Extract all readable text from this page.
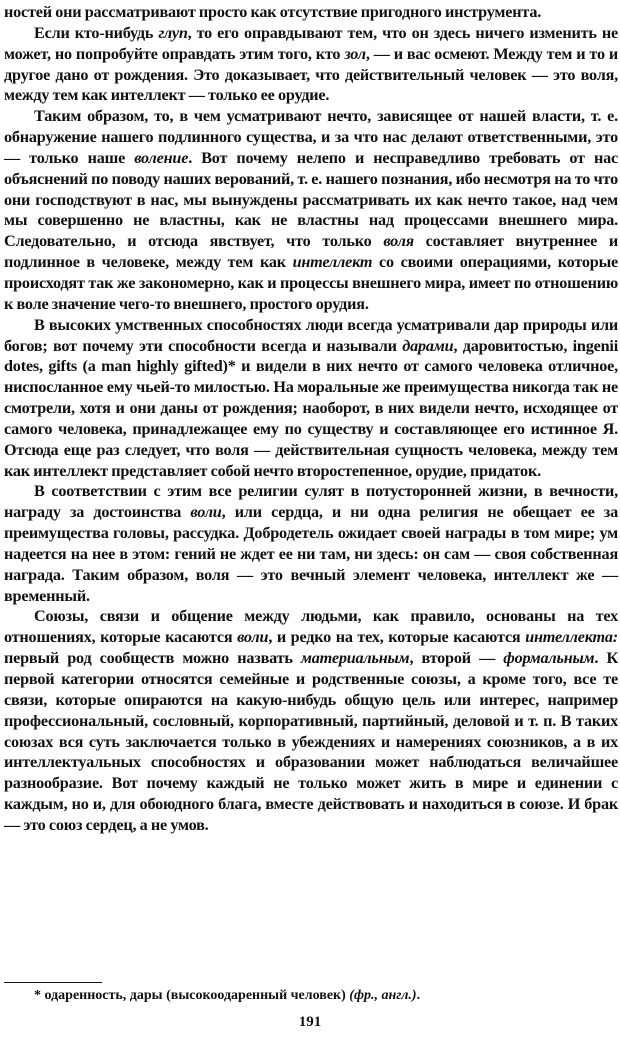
ностей они рассматривают просто как отсутствие пригодного инструмента.

Если кто-нибудь глуп, то его оправдывают тем, что он здесь ничего изменить не может, но попробуйте оправдать этим того, кто зол, — и вас осмеют. Между тем и то и другое дано от рождения. Это доказывает, что действительный человек — это воля, между тем как интеллект — только ее орудие.

Таким образом, то, в чем усматривают нечто, зависящее от нашей власти, т. е. обнаружение нашего подлинного существа, и за что нас делают ответственными, это — только наше воление. Вот почему нелепо и несправедливо требовать от нас объяснений по поводу наших верований, т. е. нашего познания, ибо несмотря на то что они господствуют в нас, мы вынуждены рассматривать их как нечто такое, над чем мы совершенно не властны, как не властны над процессами внешнего мира. Следовательно, и отсюда явствует, что только воля составляет внутреннее и подлинное в человеке, между тем как интеллект со своими операциями, которые происходят так же закономерно, как и процессы внешнего мира, имеет по отношению к воле значение чего-то внешнего, простого орудия.

В высоких умственных способностях люди всегда усматривали дар природы или богов; вот почему эти способности всегда и называли дарами, даровитостью, ingenii dotes, gifts (a man highly gifted)* и видели в них нечто от самого человека отличное, ниспосланное ему чьей-то милостью. На моральные же преимущества никогда так не смотрели, хотя и они даны от рождения; наоборот, в них видели нечто, исходящее от самого человека, принадлежащее ему по существу и составляющее его истинное Я. Отсюда еще раз следует, что воля — действительная сущность человека, между тем как интеллект представляет собой нечто второстепенное, орудие, придаток.

В соответствии с этим все религии сулят в потусторонней жизни, в вечности, награду за достоинства воли, или сердца, и ни одна религия не обещает ее за преимущества головы, рассудка. Добродетель ожидает своей награды в том мире; ум надеется на нее в этом: гений не ждет ее ни там, ни здесь: он сам — своя собственная награда. Таким образом, воля — это вечный элемент человека, интеллект же — временный.

Союзы, связи и общение между людьми, как правило, основаны на тех отношениях, которые касаются воли, и редко на тех, которые касаются интеллекта: первый род сообществ можно назвать материальным, второй — формальным. К первой категории относятся семейные и родственные союзы, а кроме того, все те связи, которые опираются на какую-нибудь общую цель или интерес, например профессиональный, сословный, корпоративный, партийный, деловой и т. п. В таких союзах вся суть заключается только в убеждениях и намерениях союзников, а в их интеллектуальных способностях и образовании может наблюдаться величайшее разнообразие. Вот почему каждый не только может жить в мире и единении с каждым, но и, для обоюдного блага, вместе действовать и находиться в союзе. И брак — это союз сердец, а не умов.

* одаренность, дары (высокоодаренный человек) (фр., англ.).
191
